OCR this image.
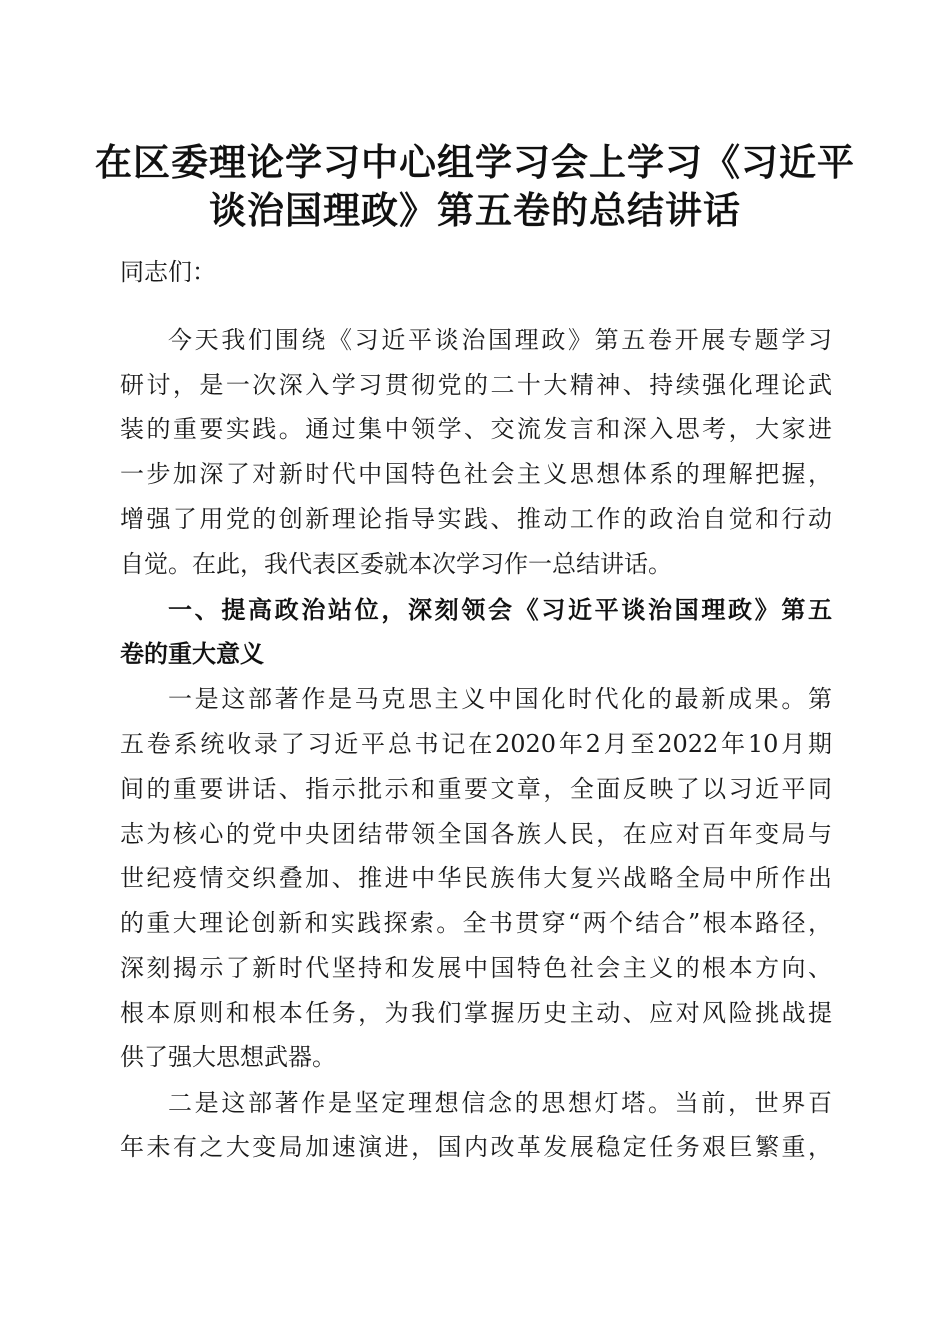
在区委理论学习中心组学习会上学习《习近平
谈治国理政》第五卷的总结讲话
同志们：
今天我们围绕《习近平谈治国理政》第五卷开展专题学习
研讨，是一次深入学习贯彻党的二十大精神、持续强化理论武
装的重要实践。通过集中领学、交流发言和深入思考，大家进
一步加深了对新时代中国特色社会主义思想体系的理解把握，
增强了用党的创新理论指导实践、推动工作的政治自觉和行动
自觉。在此，我代表区委就本次学习作一总结讲话。
一、提高政治站位，深刻领会《习近平谈治国理政》第五
卷的重大意义
一是这部著作是马克思主义中国化时代化的最新成果。第
五卷系统收录了习近平总书记在2020年2月至2022年10月期
间的重要讲话、指示批示和重要文章，全面反映了以习近平同
志为核心的党中央团结带领全国各族人民，在应对百年变局与
世纪疫情交织叠加、推进中华民族伟大复兴战略全局中所作出
的重大理论创新和实践探索。全书贯穿“两个结合”根本路径，
深刻揭示了新时代坚持和发展中国特色社会主义的根本方向、
根本原则和根本任务，为我们掌握历史主动、应对风险挑战提
供了强大思想武器。
二是这部著作是坚定理想信念的思想灯塔。当前，世界百
年未有之大变局加速演进，国内改革发展稳定任务艰巨繁重，
